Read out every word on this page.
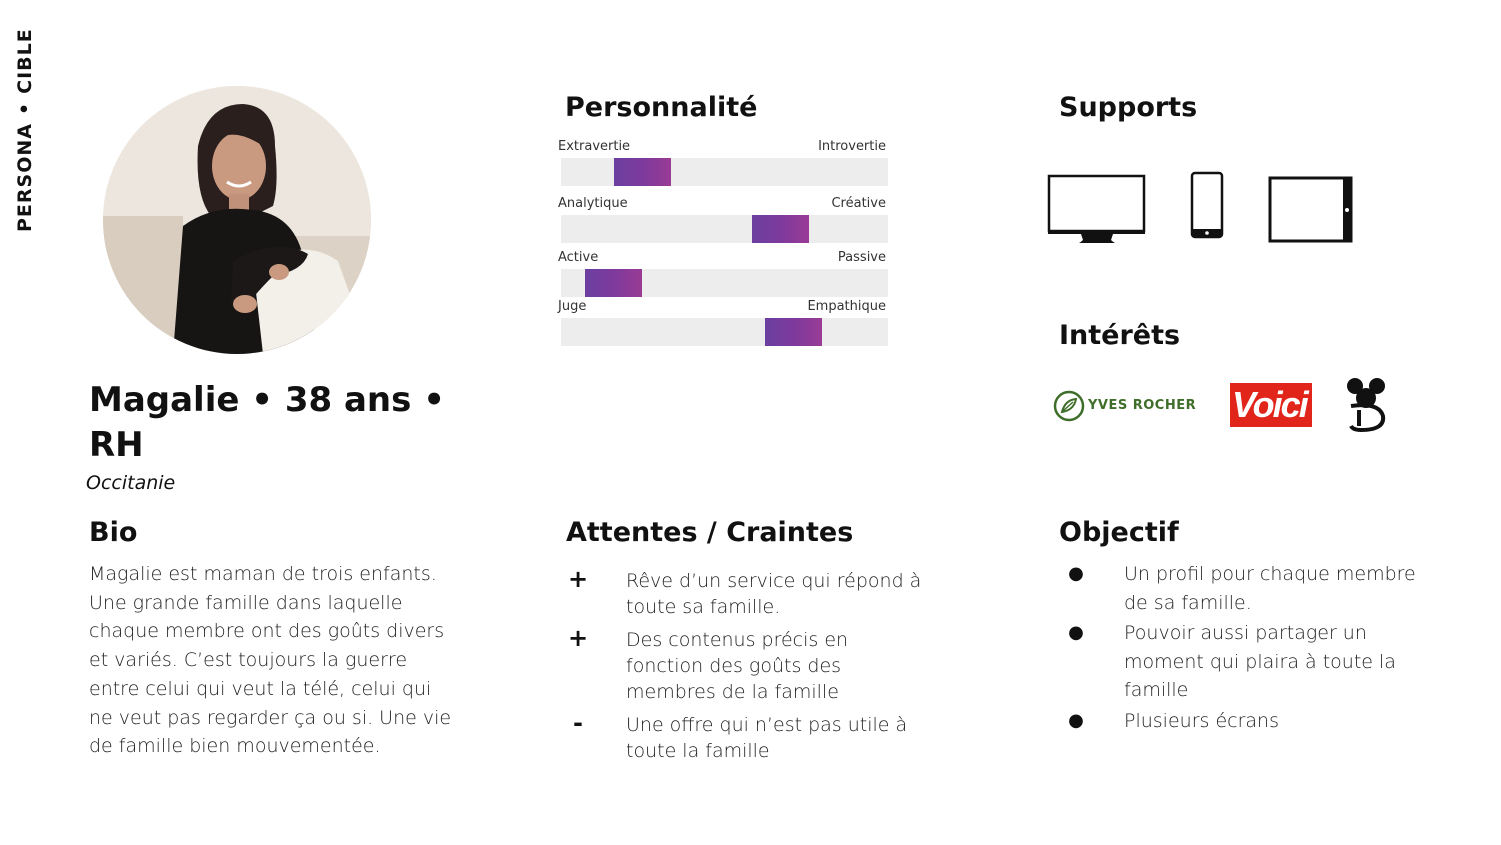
PERSONA•CIBLE
Magalie • 38 ans • RH
Occitanie
Personnalité
Extravertie	Introvertie
Analytique	Créative
Active	Passive
Juge	Empathique
Supports
Intérêts
YVES ROCHER Voici
Bio
Magalie est maman de trois enfants. Une grande famille dans laquelle chaque membre ont des goûts divers et variés. C’est toujours la guerre entre celui qui veut la télé, celui qui ne veut pas regarder ça ou si. Une vie de famille bien mouvementée.
Attentes / Craintes
+ Rêve d’un service qui répond à toute sa famille.
+ Des contenus précis en fonction des goûts des membres de la famille
-	Une offre qui n’est pas utile à toute la famille
Objectif
● Un profil pour chaque membre de sa famille.
● Pouvoir aussi partager un moment qui plaira à toute la famille
● Plusieurs écrans
